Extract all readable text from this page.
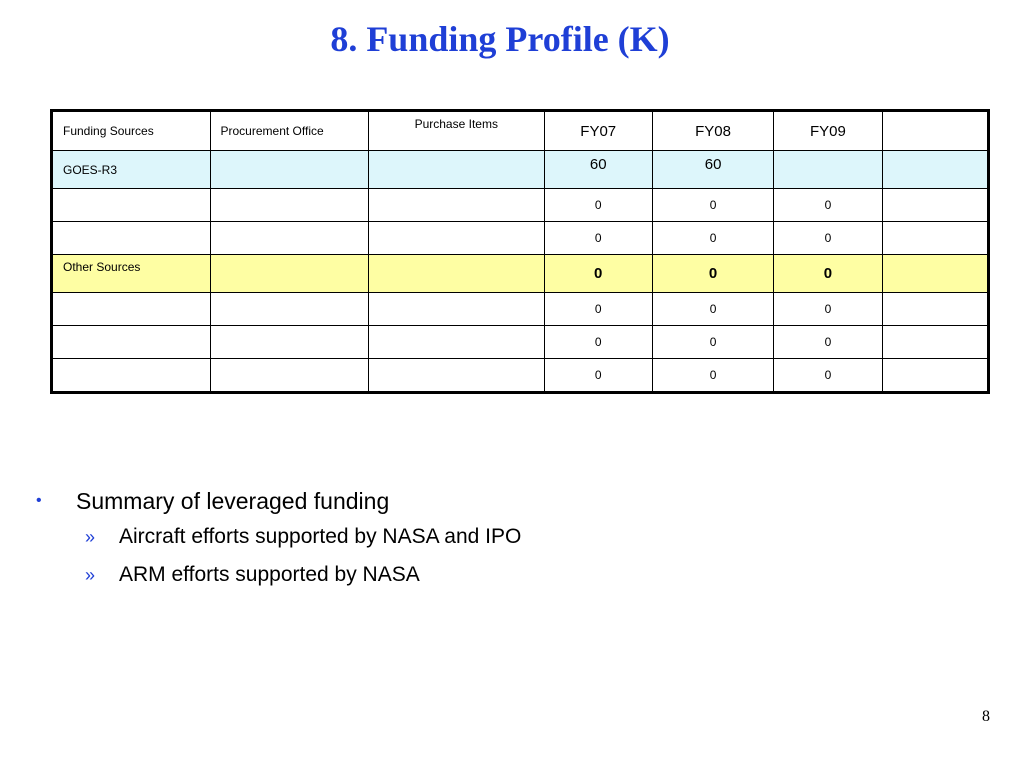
8. Funding Profile (K)
Funding Sources	Procurement Office	Purchase Items	FY07	FY08	FY09	
GOES-R3			60	60		
			0	0	0	
			0	0	0	
Other Sources			0	0	0	
			0	0	0	
			0	0	0	
			0	0	0	
•	Summary of leveraged funding
»	Aircraft efforts supported by NASA and IPO
»	ARM efforts supported by NASA
8
